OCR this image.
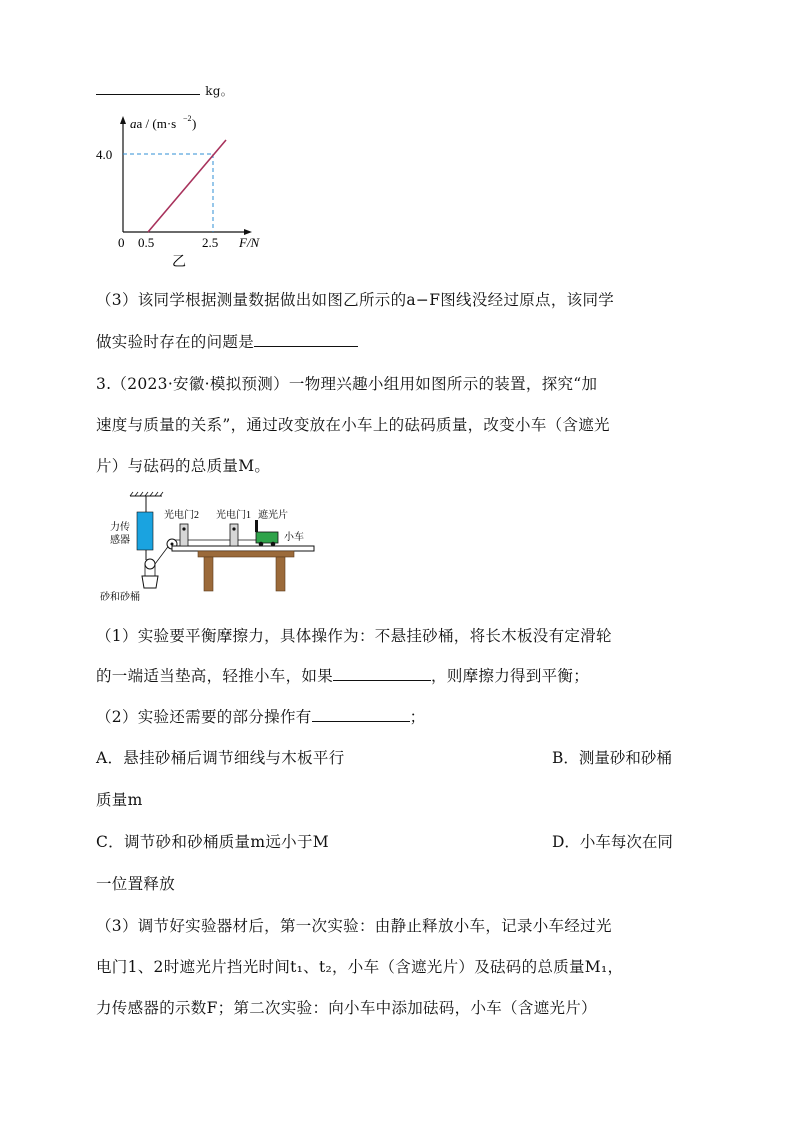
kg。
aa / (m·s −2 )
4.0
0 0.5	2.5 F/N
乙
（3）该同学根据测量数据做出如图乙所示的a−F图线没经过原点，该同学
做实验时存在的问题是
3.（2023·安徽·模拟预测）一物理兴趣小组用如图所示的装置，探究“加
速度与质量的关系”，通过改变放在小车上的砝码质量，改变小车（含遮光
片）与砝码的总质量M。
光电门2 光电门1 遮光片
小车
力传
感器
砂和砂桶
（1）实验要平衡摩擦力，具体操作为：不悬挂砂桶，将长木板没有定滑轮
的一端适当垫高，轻推小车，如果	，则摩擦力得到平衡；
（2）实验还需要的部分操作有	；
A．悬挂砂桶后调节细线与木板平行	B．测量砂和砂桶
质量m
C．调节砂和砂桶质量m远小于M	D．小车每次在同
一位置释放
（3）调节好实验器材后，第一次实验：由静止释放小车，记录小车经过光
电门1、2时遮光片挡光时间t₁、t₂，小车（含遮光片）及砝码的总质量M₁，
力传感器的示数F；第二次实验：向小车中添加砝码，小车（含遮光片）
